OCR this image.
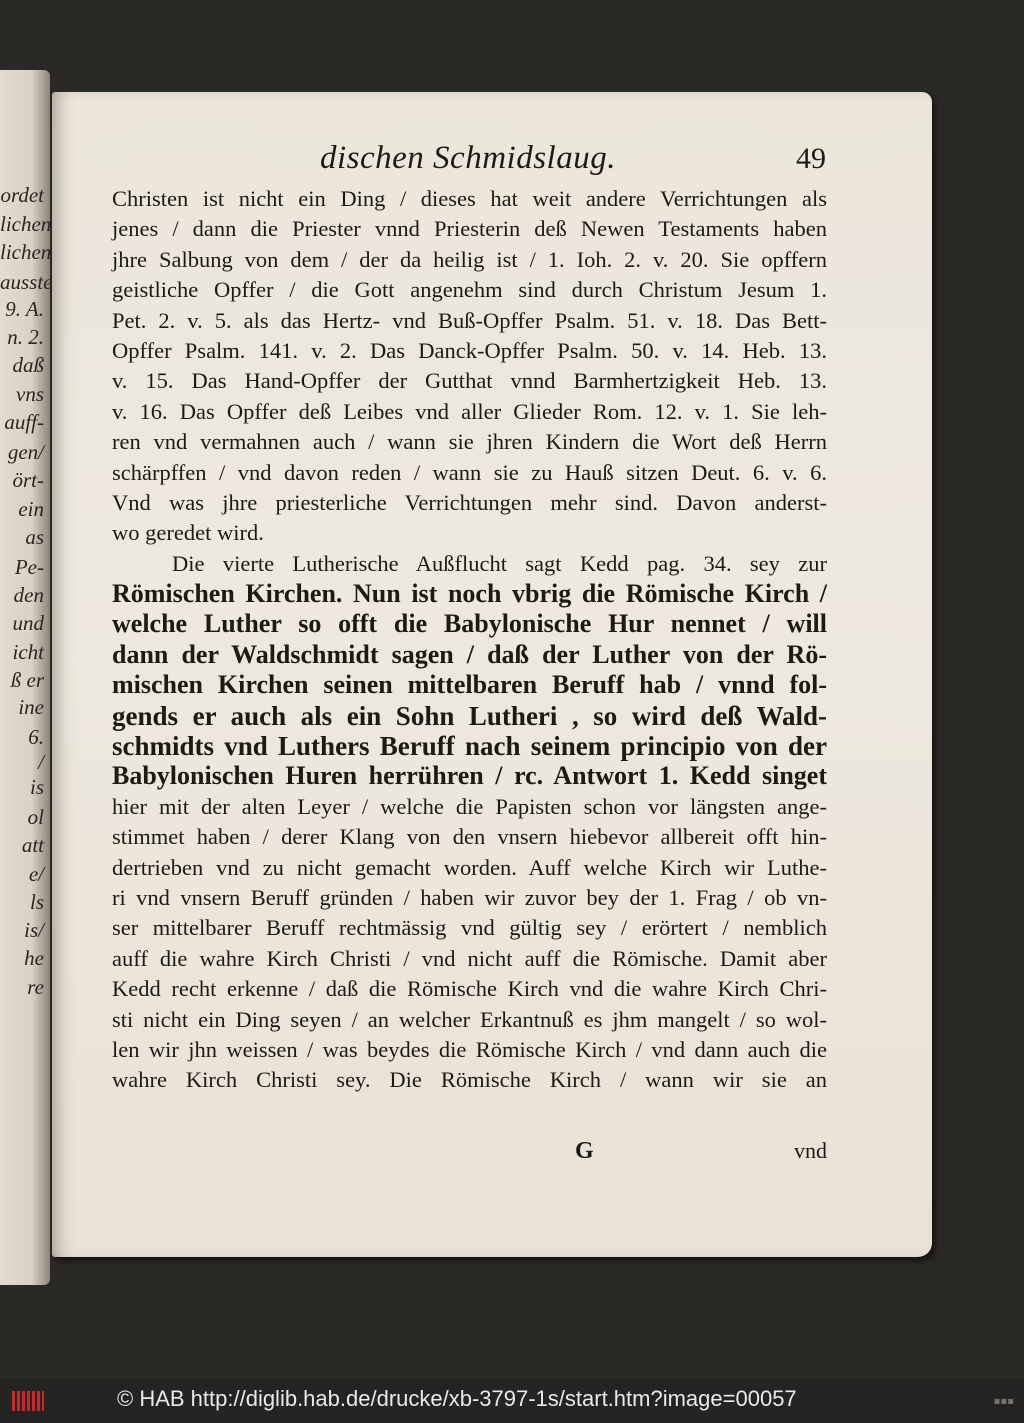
ordet
lichen
lichen
ausste
9. A.
n. 2.
daß
vns
auff-
gen/
ört-
ein
as
Pe-
den
und
icht
ß er
ine
6.
/
is
ol
att
e/
ls
is/
he
re
dischen Schmidslaug.	49
Christen ist nicht ein Ding / dieses hat weit andere Verrichtungen als
jenes / dann die Priester vnnd Priesterin deß Newen Testaments haben
jhre Salbung von dem / der da heilig ist / 1. Ioh. 2. v. 20. Sie opffern
geistliche Opffer / die Gott angenehm sind durch Christum Jesum 1.
Pet. 2. v. 5. als das Hertz- vnd Buß-Opffer Psalm. 51. v. 18. Das Bett-
Opffer Psalm. 141. v. 2. Das Danck-Opffer Psalm. 50. v. 14. Heb. 13.
v. 15. Das Hand-Opffer der Gutthat vnnd Barmhertzigkeit Heb. 13.
v. 16. Das Opffer deß Leibes vnd aller Glieder Rom. 12. v. 1. Sie leh-
ren vnd vermahnen auch / wann sie jhren Kindern die Wort deß Herrn
schärpffen / vnd davon reden / wann sie zu Hauß sitzen Deut. 6. v. 6.
Vnd was jhre priesterliche Verrichtungen mehr sind. Davon anderst-
wo geredet wird.
Die vierte Lutherische Außflucht sagt Kedd pag. 34. sey zur
Römischen Kirchen. Nun ist noch vbrig die Römische Kirch /
welche Luther so offt die Babylonische Hur nennet / will
dann der Waldschmidt sagen / daß der Luther von der Rö-
mischen Kirchen seinen mittelbaren Beruff hab / vnnd fol-
gends er auch als ein Sohn Lutheri , so wird deß Wald-
schmidts vnd Luthers Beruff nach seinem principio von der
Babylonischen Huren herrühren / rc. Antwort 1. Kedd singet
hier mit der alten Leyer / welche die Papisten schon vor längsten ange-
stimmet haben / derer Klang von den vnsern hiebevor allbereit offt hin-
dertrieben vnd zu nicht gemacht worden. Auff welche Kirch wir Luthe-
ri vnd vnsern Beruff gründen / haben wir zuvor bey der 1. Frag / ob vn-
ser mittelbarer Beruff rechtmässig vnd gültig sey / erörtert / nemblich
auff die wahre Kirch Christi / vnd nicht auff die Römische. Damit aber
Kedd recht erkenne / daß die Römische Kirch vnd die wahre Kirch Chri-
sti nicht ein Ding seyen / an welcher Erkantnuß es jhm mangelt / so wol-
len wir jhn weissen / was beydes die Römische Kirch / vnd dann auch die
wahre Kirch Christi sey. Die Römische Kirch / wann wir sie an
G	vnd
© HAB http://diglib.hab.de/drucke/xb-3797-1s/start.htm?image=00057	▪▪▪
